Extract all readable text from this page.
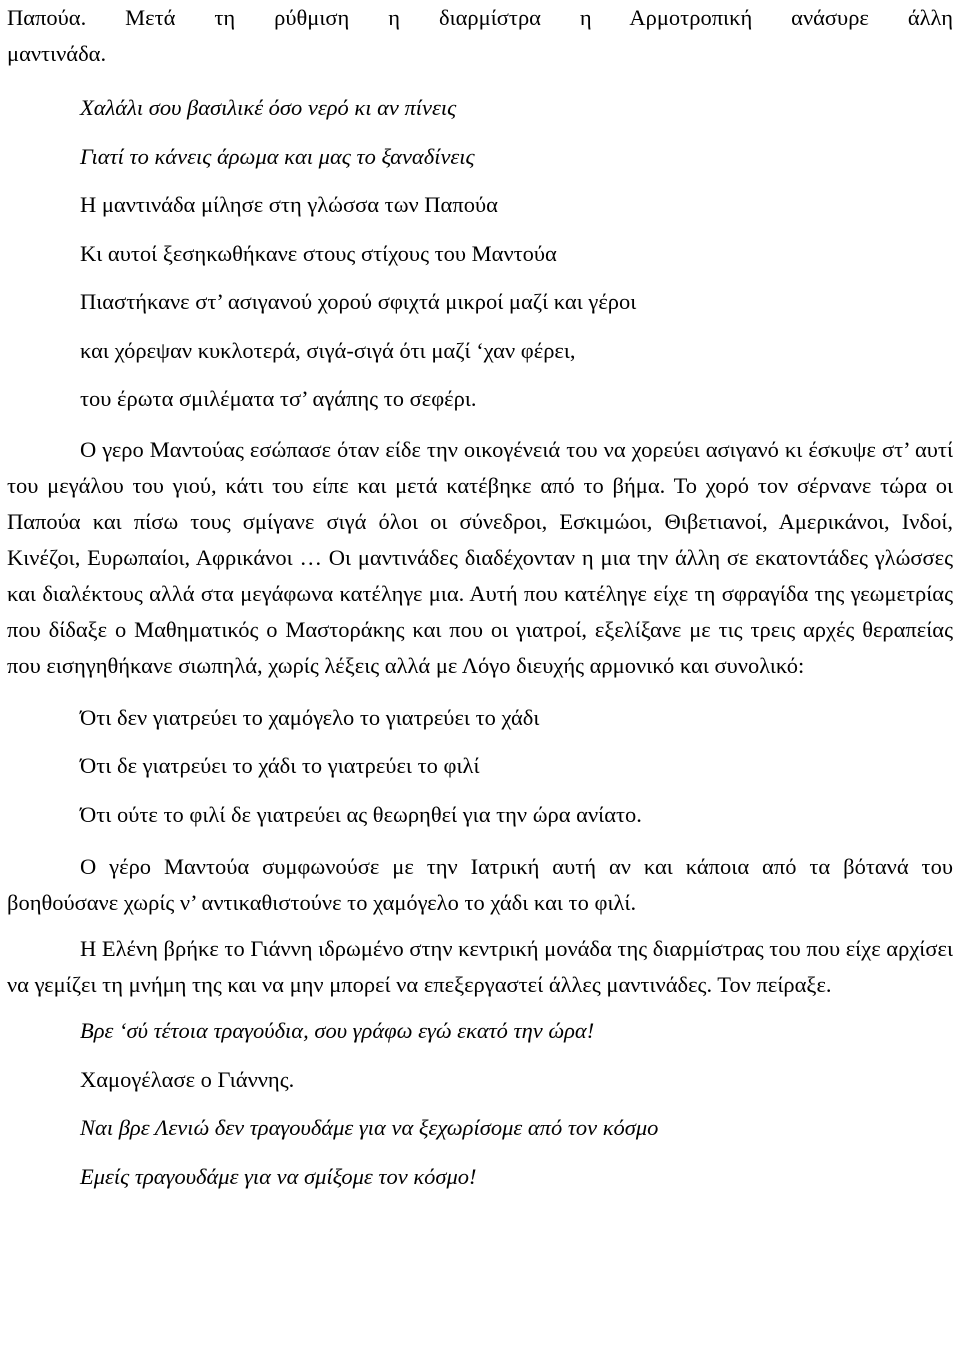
Παπούα. Μετά τη ρύθμιση η διαρμίστρα η Αρμοτροπική ανάσυρε άλλη

μαντινάδα.

Χαλάλι σου βασιλικέ όσο νερό κι αν πίνεις

Γιατί το κάνεις άρωμα και μας το ξαναδίνεις

Η μαντινάδα μίλησε στη γλώσσα των Παπούα

Κι αυτοί ξεσηκωθήκανε στους στίχους του Μαντούα

Πιαστήκανε στ’ ασιγανού χορού σφιχτά μικροί μαζί και γέροι

και χόρεψαν κυκλοτερά, σιγά-σιγά ότι μαζί ‘χαν φέρει,

του έρωτα σμιλέματα τσ’ αγάπης το σεφέρι.

Ο γερο Μαντούας εσώπασε όταν είδε την οικογένειά του να χορεύει ασιγανό κι έσκυψε στ’ αυτί του μεγάλου του γιού, κάτι του είπε και μετά κατέβηκε από το βήμα. Το χορό τον σέρνανε τώρα οι Παπούα και πίσω τους σμίγανε σιγά όλοι οι σύνεδροι, Εσκιμώοι, Θιβετιανοί, Αμερικάνοι, Ινδοί, Κινέζοι, Ευρωπαίοι, Αφρικάνοι … Οι μαντινάδες διαδέχονταν η μια την άλλη σε εκατοντάδες γλώσσες και διαλέκτους αλλά στα μεγάφωνα κατέληγε μια. Αυτή που κατέληγε είχε τη σφραγίδα της γεωμετρίας που δίδαξε ο Μαθηματικός ο Μαστοράκης και που οι γιατροί, εξελίξανε με τις τρεις αρχές θεραπείας που εισηγηθήκανε σιωπηλά, χωρίς λέξεις αλλά με Λόγο διευχής αρμονικό και συνολικό:

Ότι δεν γιατρεύει το χαμόγελο το γιατρεύει το χάδι

Ότι δε γιατρεύει το χάδι το γιατρεύει το φιλί

Ότι ούτε το φιλί δε γιατρεύει ας θεωρηθεί για την ώρα ανίατο.

Ο γέρο Μαντούα συμφωνούσε με την Ιατρική αυτή αν και κάποια από τα βότανά του βοηθούσανε χωρίς ν’ αντικαθιστούνε το χαμόγελο το χάδι και το φιλί.

Η Ελένη βρήκε το Γιάννη ιδρωμένο στην κεντρική μονάδα της διαρμίστρας του που είχε αρχίσει να γεμίζει τη μνήμη της και να μην μπορεί να επεξεργαστεί άλλες μαντινάδες. Τον πείραξε.

Βρε ‘σύ τέτοια τραγούδια, σου γράφω εγώ εκατό την ώρα!

Χαμογέλασε ο Γιάννης.

Ναι βρε Λενιώ δεν τραγουδάμε για να ξεχωρίσομε από τον κόσμο

Εμείς τραγουδάμε για να σμίξομε τον κόσμο!
